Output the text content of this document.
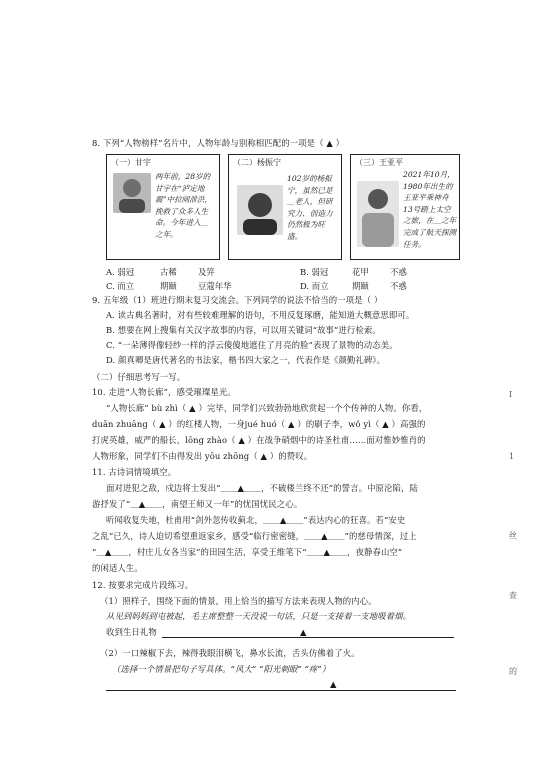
8. 下列“人物榜样”名片中，人物年龄与别称相匹配的一项是（ ▲ ）
（一）甘宇
两年前，28岁的甘宇在“泸定地震”中拉闸泄洪，挽救了众多人生命。今年进入＿之年。
（二）杨振宁
102岁的杨振宁，虽然已是＿老人，但研究力、创造力仍然极为旺盛。
（三）王亚平
2021年10月，1980年出生的王亚平乘神舟13号踏上太空之旅，在＿之年完成了航天探测任务。
A. 弱冠	古稀	及笄	B. 弱冠	花甲	不惑
C. 而立	期颐	豆蔻年华	D. 而立	期颐	不惑
9. 五年级（1）班进行期末复习交流会。下列同学的说法不恰当的一项是（ ）
A. 读古典名著时，对有些较难理解的语句，不用反复琢磨，能知道大概意思即可。
B. 想要在网上搜集有关汉字故事的内容，可以用关键词“故事”进行检索。
C. “一朵薄得像轻纱一样的浮云傻傻地遮住了月亮的脸”表现了景物的动态美。
D. 颜真卿是唐代著名的书法家，楷书四大家之一，代表作是《颜勤礼碑》。
（二）仔细思考写一写。
10. 走进“人物长廊”，感受璀璨星光。
“人物长廊” bù zhì（ ▲ ）完毕，同学们兴致勃勃地欣赏起一个个传神的人物。你看，
duān zhuāng（ ▲ ）的红楼人物，一身jué huó（ ▲ ）的刷子李，wǒ yì（ ▲ ）高强的
打虎英雄，威严的船长，lōng zhào（ ▲ ）在战争硝烟中的诗圣杜甫……面对惟妙惟肖的
人物形象，同学们不由得发出 yōu zhōng（ ▲ ）的赞叹。
11. 古诗词情境填空。
面对进犯之敌，戍边将士发出“＿＿▲＿＿，不破楼兰终不还”的誓言。中原沦陷，陆
游抒发了“＿▲＿＿，南望王师又一年”的忧国忧民之心。
听闻收复失地，杜甫用“剑外忽传收蓟北，＿＿▲＿＿”表达内心的狂喜。若“安史
之乱”已久，诗人迫切希望重返家乡，感受“临行密密缝，＿＿▲＿＿”的慈母情深，过上
“＿▲＿＿，村庄儿女各当家”的田园生活，享受王维笔下“＿＿▲＿＿，夜静春山空”
的闲适人生。
12. 按要求完成片段练习。
（1）照样子，围绕下面的情景，用上恰当的描写方法来表现人物的内心。
从见到妈妈到屯被起，毛主席整整一天没说一句话，只是一支接着一支地吸着烟。
收到生日礼物	▲
（2）一口辣椒下去，辣得我眼泪横飞，鼻水长流，舌头仿佛着了火。
（选择一个情景把句子写具体。“风大” “阳光刺眼” “疼”）
▲
Ⅰ
1
丝
查
的
